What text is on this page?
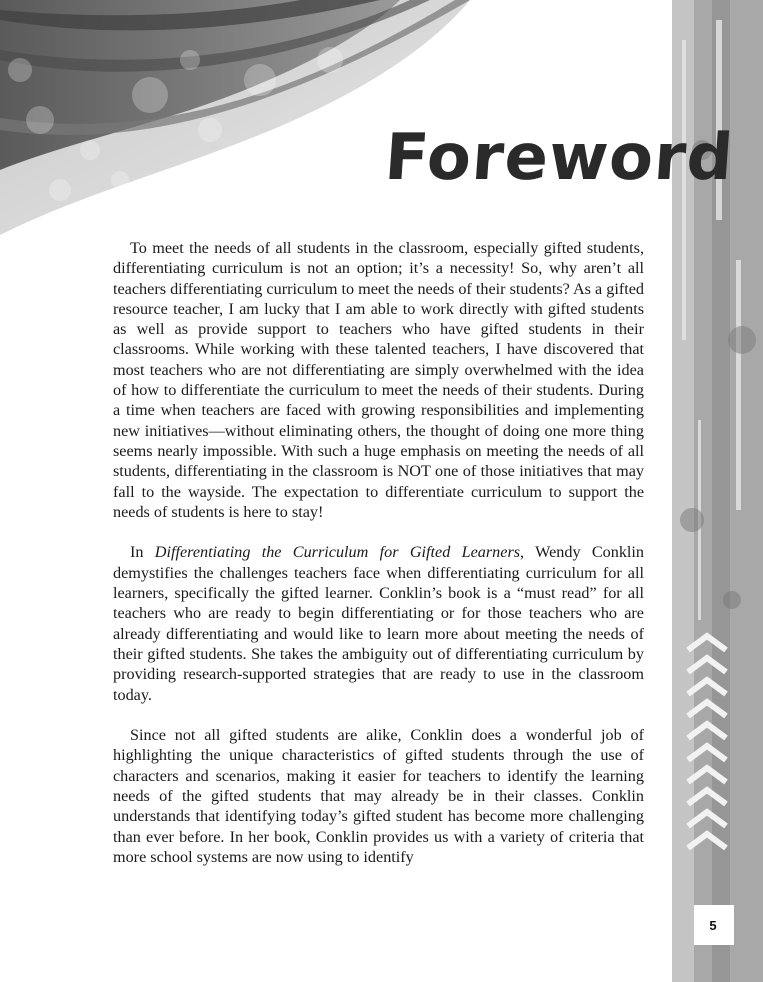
Foreword

To meet the needs of all students in the classroom, especially gifted students, differentiating curriculum is not an option; it’s a necessity! So, why aren’t all teachers differentiating curriculum to meet the needs of their students? As a gifted resource teacher, I am lucky that I am able to work directly with gifted students as well as provide support to teachers who have gifted students in their classrooms. While working with these talented teachers, I have discovered that most teachers who are not differentiating are simply overwhelmed with the idea of how to differentiate the curriculum to meet the needs of their students. During a time when teachers are faced with growing responsibilities and implementing new initiatives—without eliminating others, the thought of doing one more thing seems nearly impossible. With such a huge emphasis on meeting the needs of all students, differentiating in the classroom is NOT one of those initiatives that may fall to the wayside. The expectation to differentiate curriculum to support the needs of students is here to stay!

In Differentiating the Curriculum for Gifted Learners, Wendy Conklin demystifies the challenges teachers face when differentiating curriculum for all learners, specifically the gifted learner. Conklin’s book is a “must read” for all teachers who are ready to begin differentiating or for those teachers who are already differentiating and would like to learn more about meeting the needs of their gifted students. She takes the ambiguity out of differentiating curriculum by providing research-supported strategies that are ready to use in the classroom today.

Since not all gifted students are alike, Conklin does a wonderful job of highlighting the unique characteristics of gifted students through the use of characters and scenarios, making it easier for teachers to identify the learning needs of the gifted students that may already be in their classes. Conklin understands that identifying today’s gifted student has become more challenging than ever before. In her book, Conklin provides us with a variety of criteria that more school systems are now using to identify

5
